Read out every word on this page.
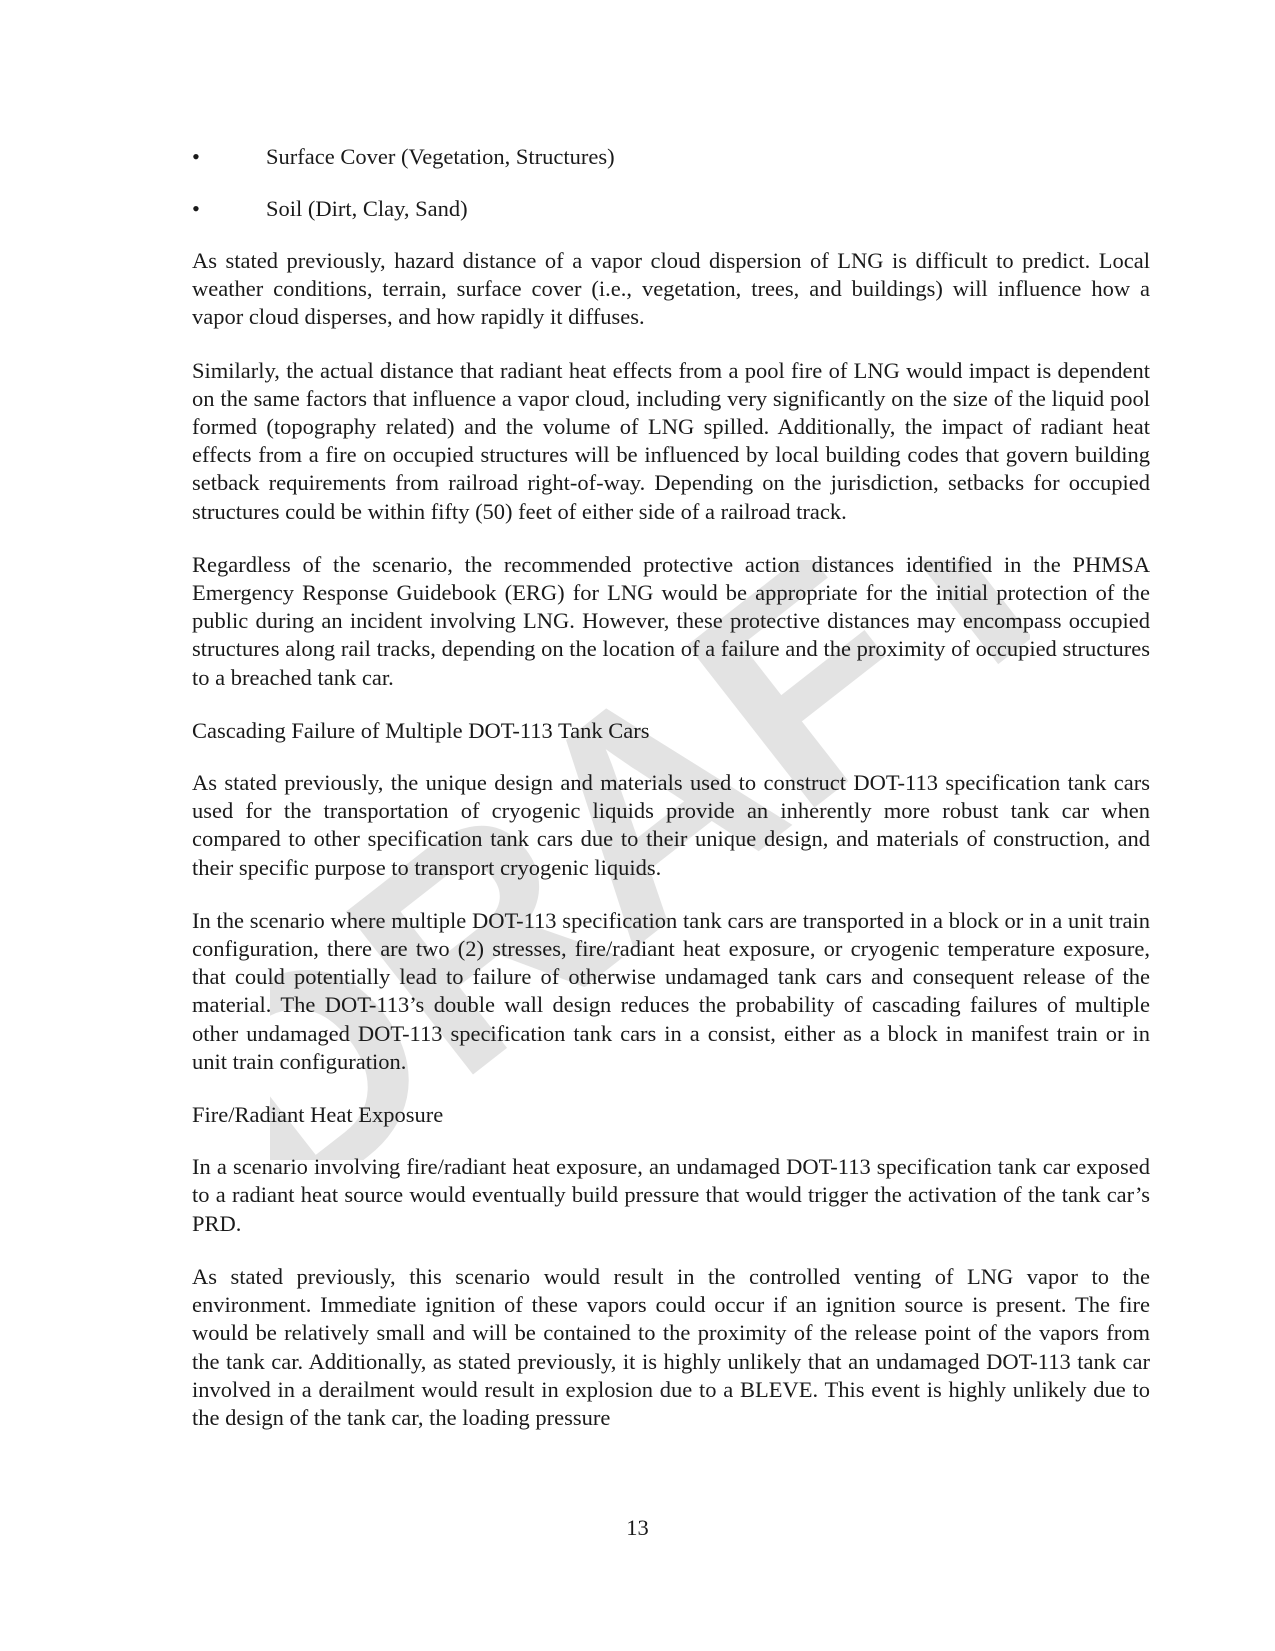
DRAFT
•	Surface Cover (Vegetation, Structures)
•	Soil (Dirt, Clay, Sand)

As stated previously, hazard distance of a vapor cloud dispersion of LNG is difficult to predict. Local weather conditions, terrain, surface cover (i.e., vegetation, trees, and buildings) will influence how a vapor cloud disperses, and how rapidly it diffuses.

Similarly, the actual distance that radiant heat effects from a pool fire of LNG would impact is dependent on the same factors that influence a vapor cloud, including very significantly on the size of the liquid pool formed (topography related) and the volume of LNG spilled. Additionally, the impact of radiant heat effects from a fire on occupied structures will be influenced by local building codes that govern building setback requirements from railroad right-of-way. Depending on the jurisdiction, setbacks for occupied structures could be within fifty (50) feet of either side of a railroad track.

Regardless of the scenario, the recommended protective action distances identified in the PHMSA Emergency Response Guidebook (ERG) for LNG would be appropriate for the initial protection of the public during an incident involving LNG. However, these protective distances may encompass occupied structures along rail tracks, depending on the location of a failure and the proximity of occupied structures to a breached tank car.

Cascading Failure of Multiple DOT-113 Tank Cars

As stated previously, the unique design and materials used to construct DOT-113 specification tank cars used for the transportation of cryogenic liquids provide an inherently more robust tank car when compared to other specification tank cars due to their unique design, and materials of construction, and their specific purpose to transport cryogenic liquids.

In the scenario where multiple DOT-113 specification tank cars are transported in a block or in a unit train configuration, there are two (2) stresses, fire/radiant heat exposure, or cryogenic temperature exposure, that could potentially lead to failure of otherwise undamaged tank cars and consequent release of the material. The DOT-113’s double wall design reduces the probability of cascading failures of multiple other undamaged DOT-113 specification tank cars in a consist, either as a block in manifest train or in unit train configuration.

Fire/Radiant Heat Exposure

In a scenario involving fire/radiant heat exposure, an undamaged DOT-113 specification tank car exposed to a radiant heat source would eventually build pressure that would trigger the activation of the tank car’s PRD.

As stated previously, this scenario would result in the controlled venting of LNG vapor to the environment. Immediate ignition of these vapors could occur if an ignition source is present. The fire would be relatively small and will be contained to the proximity of the release point of the vapors from the tank car. Additionally, as stated previously, it is highly unlikely that an undamaged DOT-113 tank car involved in a derailment would result in explosion due to a BLEVE. This event is highly unlikely due to the design of the tank car, the loading pressure

13
